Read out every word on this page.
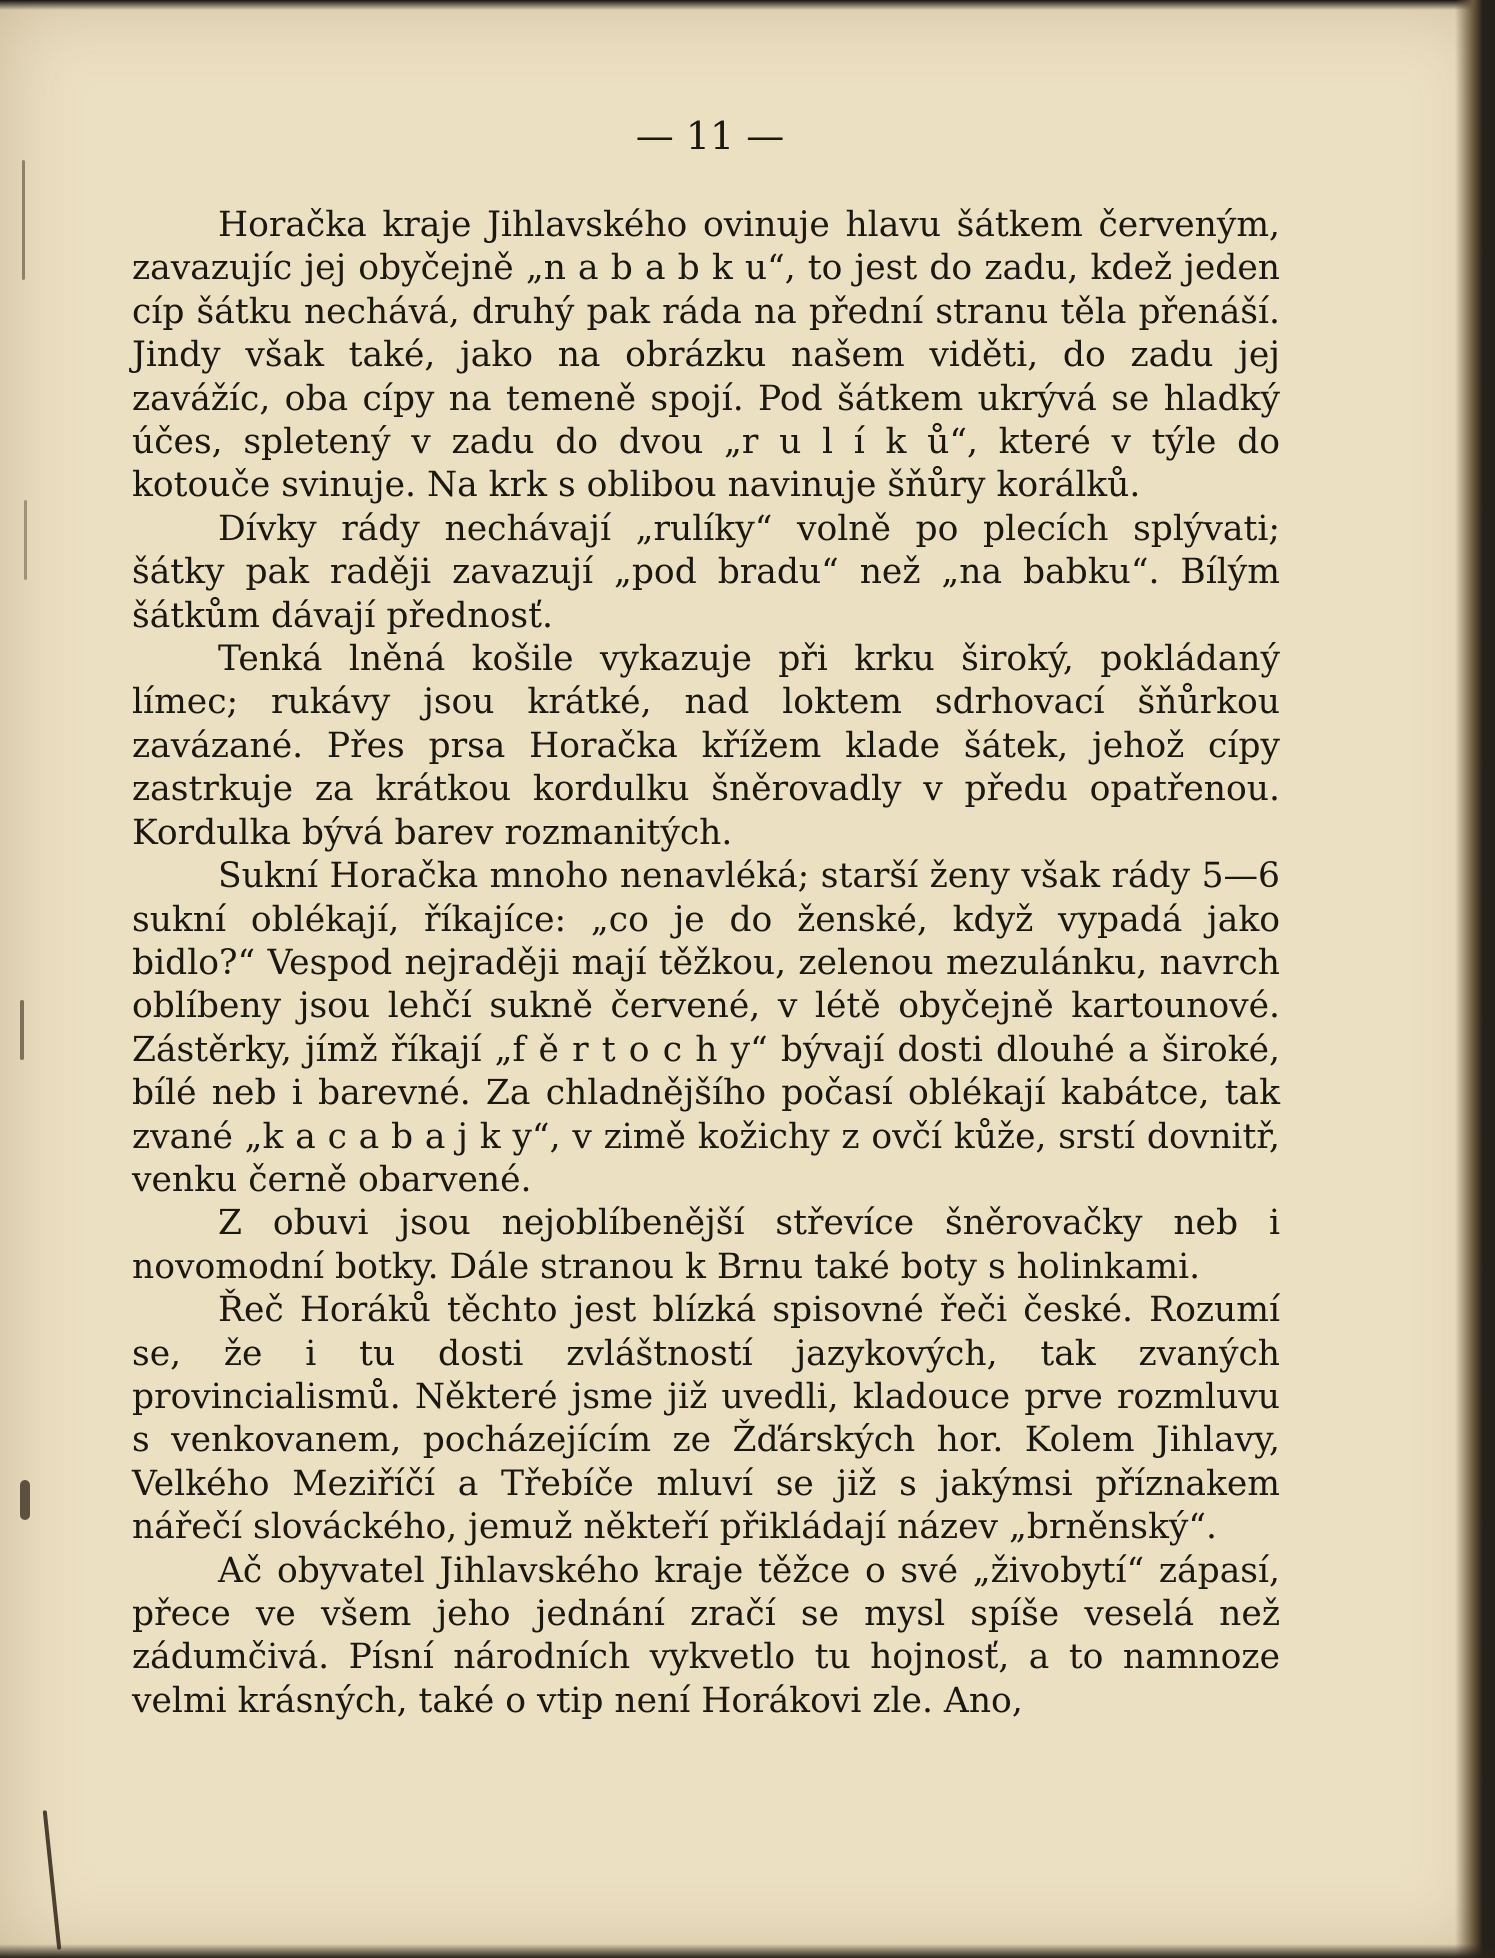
— 11 —

Horačka kraje Jihlavského ovinuje hlavu šátkem červeným, zavazujíc jej obyčejně „n a b a b k u“, to jest do zadu, kdež jeden cíp šátku nechává, druhý pak ráda na přední stranu těla přenáší. Jindy však také, jako na obrázku našem viděti, do zadu jej zavážíc, oba cípy na temeně spojí. Pod šátkem ukrývá se hladký účes, spletený v zadu do dvou „r u l í k ů“, které v týle do kotouče svinuje. Na krk s oblibou navinuje šňůry korálků.

Dívky rády nechávají „rulíky“ volně po plecích splývati; šátky pak raději zavazují „pod bradu“ než „na babku“. Bílým šátkům dávají přednosť.

Tenká lněná košile vykazuje při krku široký, pokládaný límec; rukávy jsou krátké, nad loktem sdrhovací šňůrkou zavázané. Přes prsa Horačka křížem klade šátek, jehož cípy zastrkuje za krátkou kordulku šněrovadly v předu opatřenou. Kordulka bývá barev rozmanitých.

Sukní Horačka mnoho nenavléká; starší ženy však rády 5—6 sukní oblékají, říkajíce: „co je do ženské, když vypadá jako bidlo?“ Vespod nejraději mají těžkou, zelenou mezulánku, navrch oblíbeny jsou lehčí sukně červené, v létě obyčejně kartounové. Zástěrky, jímž říkají „f ě r t o c h y“ bývají dosti dlouhé a široké, bílé neb i barevné. Za chladnějšího počasí oblékají kabátce, tak zvané „k a c a b a j k y“, v zimě kožichy z ovčí kůže, srstí dovnitř, venku černě obarvené.

Z obuvi jsou nejoblíbenější střevíce šněrovačky neb i novomodní botky. Dále stranou k Brnu také boty s holinkami.

Řeč Horáků těchto jest blízká spisovné řeči české. Rozumí se, že i tu dosti zvláštností jazykových, tak zvaných provincialismů. Některé jsme již uvedli, kladouce prve rozmluvu s venkovanem, pocházejícím ze Žďárských hor. Kolem Jihlavy, Velkého Meziříčí a Třebíče mluví se již s jakýmsi příznakem nářečí slováckého, jemuž někteří přikládají název „brněnský“.

Ač obyvatel Jihlavského kraje těžce o své „živobytí“ zápasí, přece ve všem jeho jednání zračí se mysl spíše veselá než zádumčivá. Písní národních vykvetlo tu hojnosť, a to namnoze velmi krásných, také o vtip není Horákovi zle. Ano,
